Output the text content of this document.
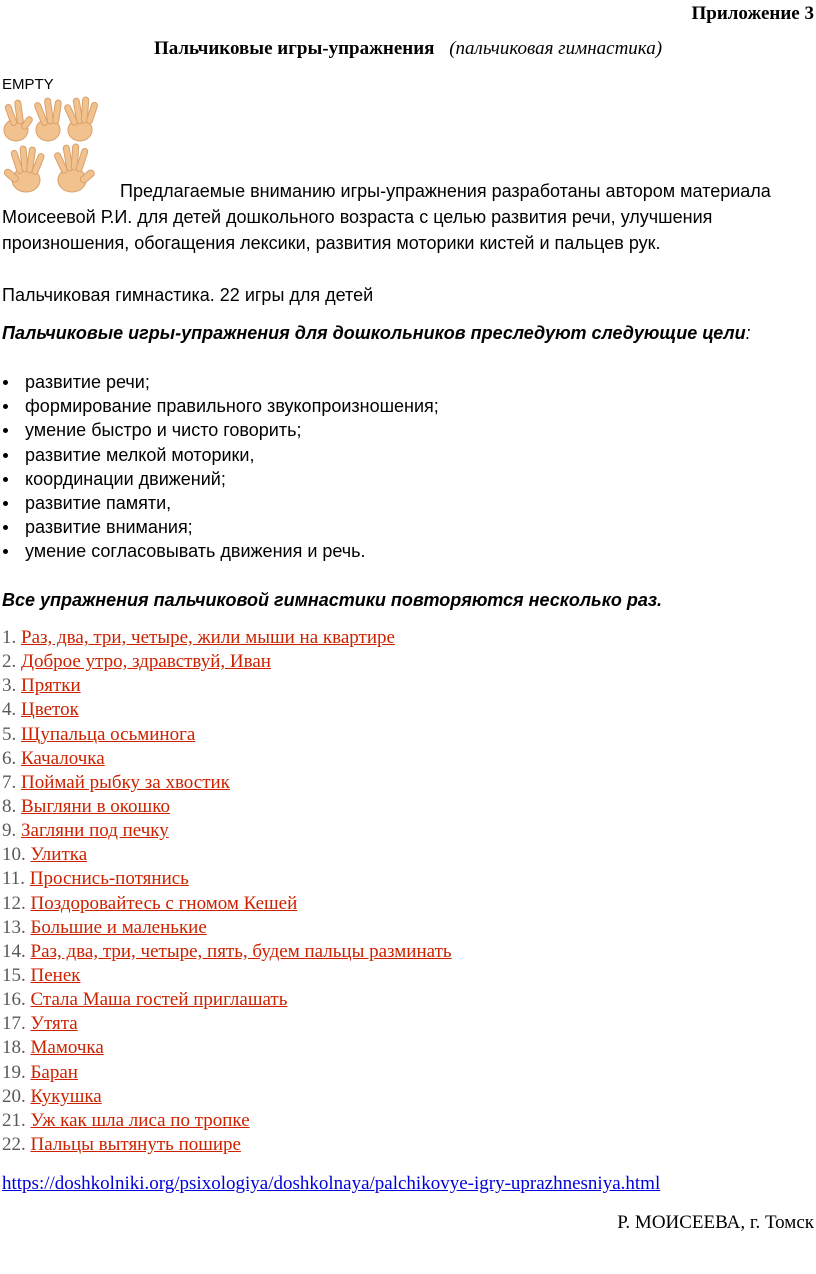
Приложение 3
Пальчиковые игры-упражнения (пальчиковая гимнастика)
EMPTY
Предлагаемые вниманию игры-упражнения разработаны автором материала Моисеевой Р.И. для детей дошкольного возраста с целью развития речи, улучшения произношения, обогащения лексики, развития моторики кистей и пальцев рук.
Пальчиковая гимнастика. 22 игры для детей
Пальчиковые игры-упражнения для дошкольников преследуют следующие цели:
развитие речи;
формирование правильного звукопроизношения;
умение быстро и чисто говорить;
развитие мелкой моторики,
координации движений;
развитие памяти,
развитие внимания;
умение согласовывать движения и речь.
Все упражнения пальчиковой гимнастики повторяются несколько раз.
1. Раз, два, три, четыре, жили мыши на квартире
2. Доброе утро, здравствуй, Иван
3. Прятки
4. Цветок
5. Щупальца осьминога
6. Качалочка
7. Поймай рыбку за хвостик
8. Выгляни в окошко
9. Загляни под печку
10. Улитка
11. Проснись-потянись
12. Поздоровайтесь с гномом Кешей
13. Большие и маленькие
14. Раз, два, три, четыре, пять, будем пальцы разминать
15. Пенек
16. Стала Маша гостей приглашать
17. Утята
18. Мамочка
19. Баран
20. Кукушка
21. Уж как шла лиса по тропке
22. Пальцы вытянуть пошире
https://doshkolniki.org/psixologiya/doshkolnaya/palchikovye-igry-uprazhnesniya.html
Р. МОИСЕЕВА, г. Томск
